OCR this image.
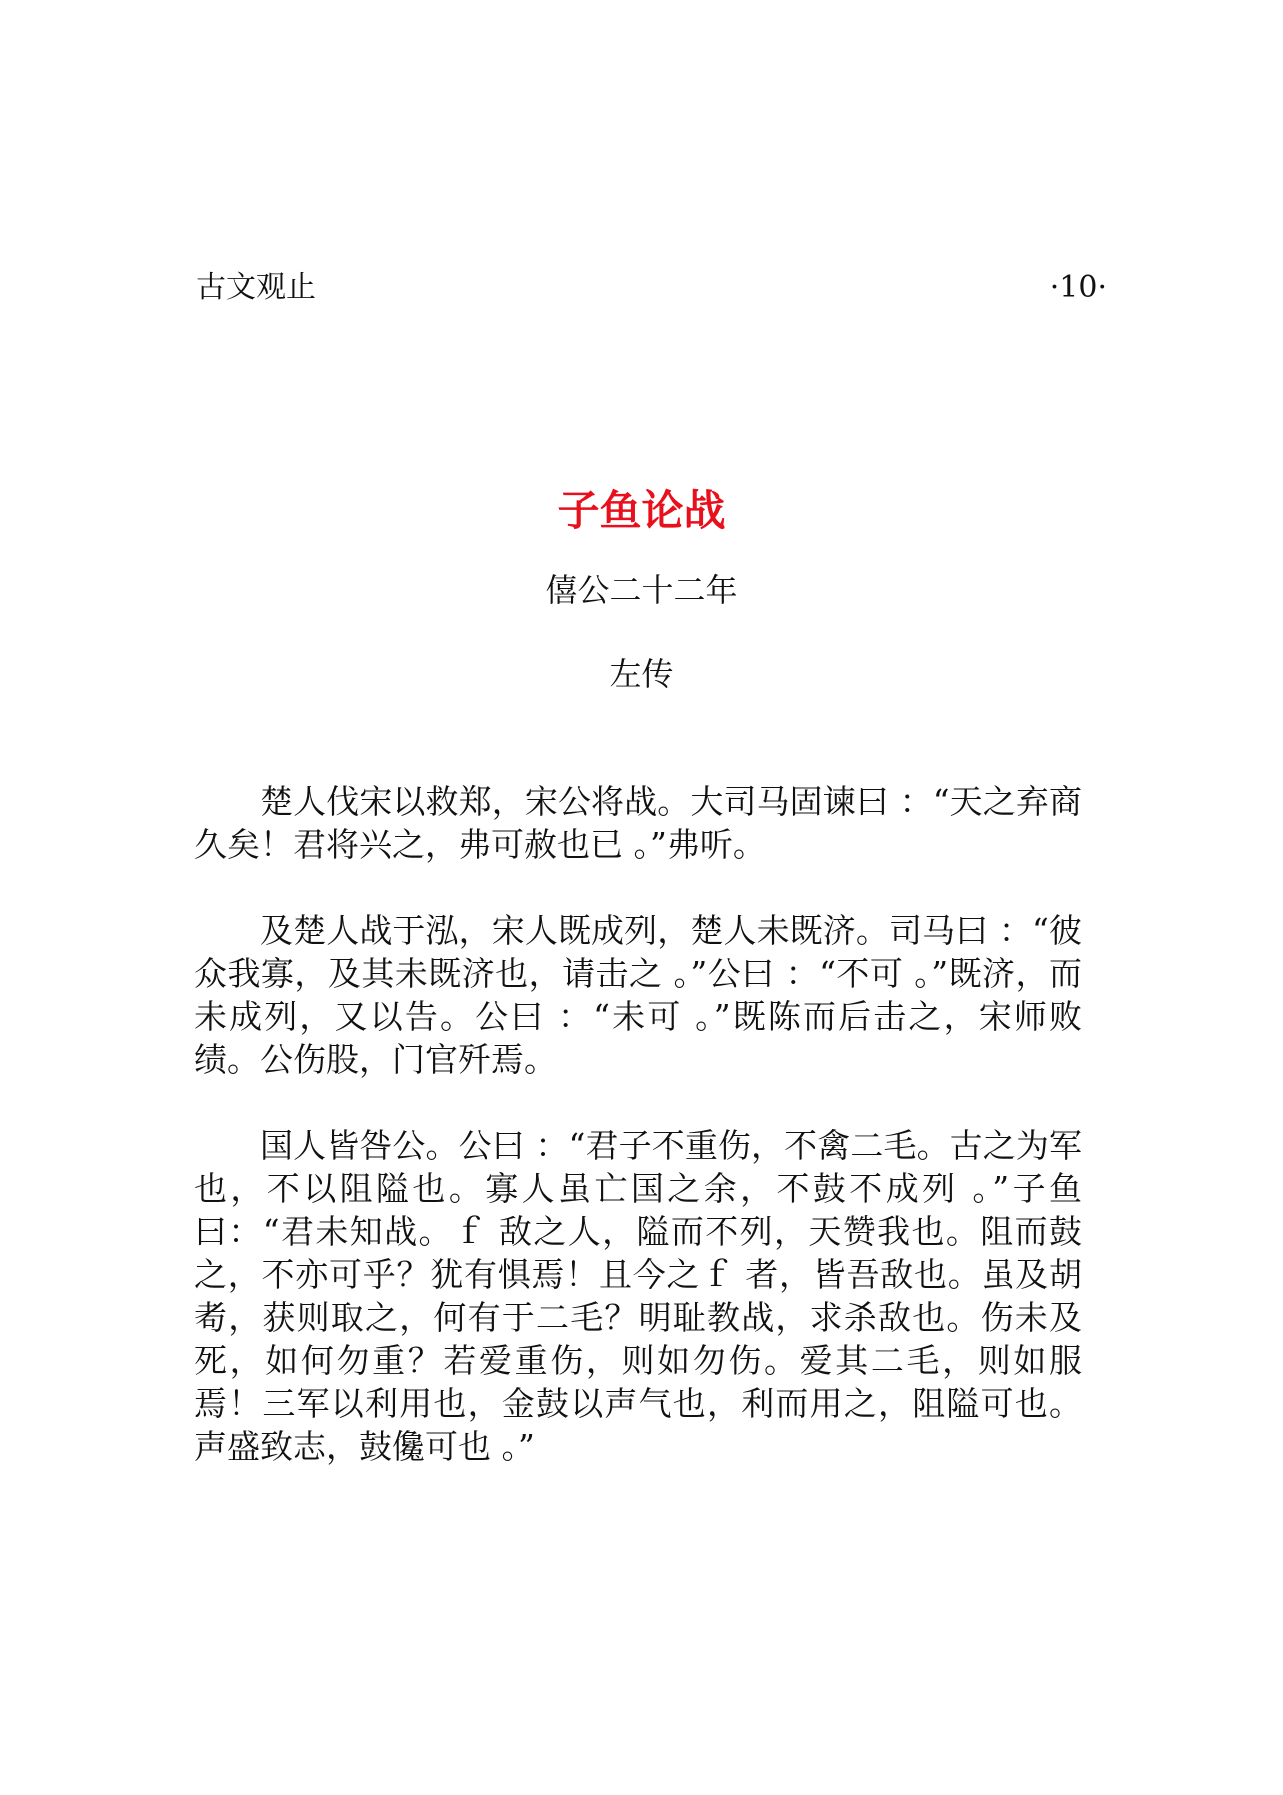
古文观止	·10·
子鱼论战
僖公二十二年
左传

楚人伐宋以救郑，宋公将战。大司马固谏曰 ：“天之弃商久矣！君将兴之，弗可赦也已 。”弗听。

及楚人战于泓，宋人既成列，楚人未既济。司马曰 ：“彼众我寡，及其未既济也，请击之 。”公曰 ：“不可 。”既济，而未成列，又以告。公曰 ：“未可 。”既陈而后击之，宋师败绩。公伤股，门官歼焉。

国人皆咎公。公曰 ：“君子不重伤，不禽二毛。古之为军也，不以阻隘也。寡人虽亡国之余，不鼓不成列 。”子鱼曰：“君未知战。ｆ 敌之人，隘而不列，天赞我也。阻而鼓之，不亦可乎？犹有惧焉！且今之ｆ 者，皆吾敌也。虽及胡耇，获则取之，何有于二毛？明耻教战，求杀敌也。伤未及死，如何勿重？若爱重伤，则如勿伤。爱其二毛，则如服焉！三军以利用也，金鼓以声气也，利而用之，阻隘可也。声盛致志，鼓儳可也 。”
